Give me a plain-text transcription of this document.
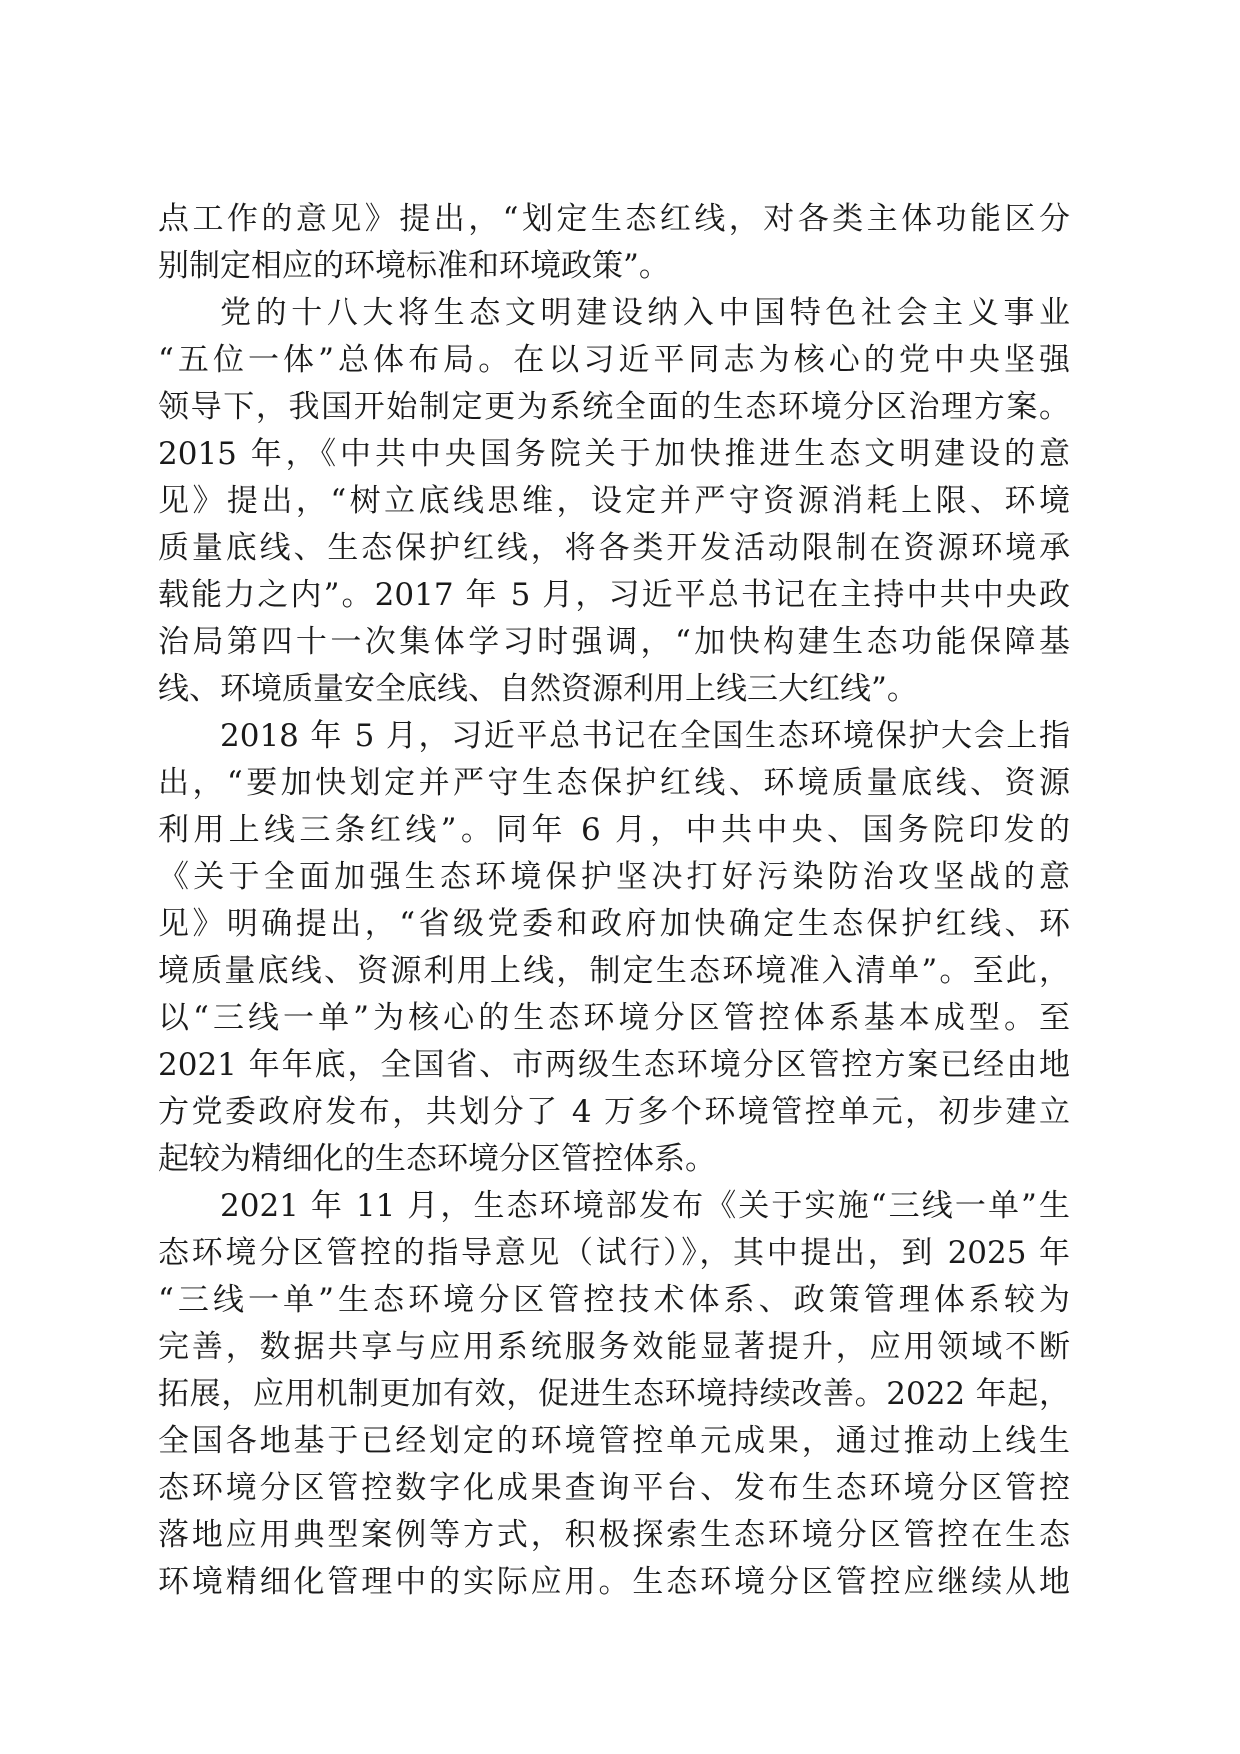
点工作的意见》提出，“划定生态红线，对各类主体功能区分
别制定相应的环境标准和环境政策”。
党的十八大将生态文明建设纳入中国特色社会主义事业
“五位一体”总体布局。在以习近平同志为核心的党中央坚强
领导下，我国开始制定更为系统全面的生态环境分区治理方案。
2015 年，《中共中央国务院关于加快推进生态文明建设的意
见》提出，“树立底线思维，设定并严守资源消耗上限、环境
质量底线、生态保护红线，将各类开发活动限制在资源环境承
载能力之内”。2017 年 5 月，习近平总书记在主持中共中央政
治局第四十一次集体学习时强调，“加快构建生态功能保障基
线、环境质量安全底线、自然资源利用上线三大红线”。
2018 年 5 月，习近平总书记在全国生态环境保护大会上指
出，“要加快划定并严守生态保护红线、环境质量底线、资源
利用上线三条红线”。同年 6 月，中共中央、国务院印发的
《关于全面加强生态环境保护坚决打好污染防治攻坚战的意
见》明确提出，“省级党委和政府加快确定生态保护红线、环
境质量底线、资源利用上线，制定生态环境准入清单”。至此，
以“三线一单”为核心的生态环境分区管控体系基本成型。至
2021 年年底，全国省、市两级生态环境分区管控方案已经由地
方党委政府发布，共划分了 4 万多个环境管控单元，初步建立
起较为精细化的生态环境分区管控体系。
2021 年 11 月，生态环境部发布《关于实施“三线一单”生
态环境分区管控的指导意见（试行）》，其中提出，到 2025 年
“三线一单”生态环境分区管控技术体系、政策管理体系较为
完善，数据共享与应用系统服务效能显著提升，应用领域不断
拓展，应用机制更加有效，促进生态环境持续改善。2022 年起，
全国各地基于已经划定的环境管控单元成果，通过推动上线生
态环境分区管控数字化成果查询平台、发布生态环境分区管控
落地应用典型案例等方式，积极探索生态环境分区管控在生态
环境精细化管理中的实际应用。生态环境分区管控应继续从地
